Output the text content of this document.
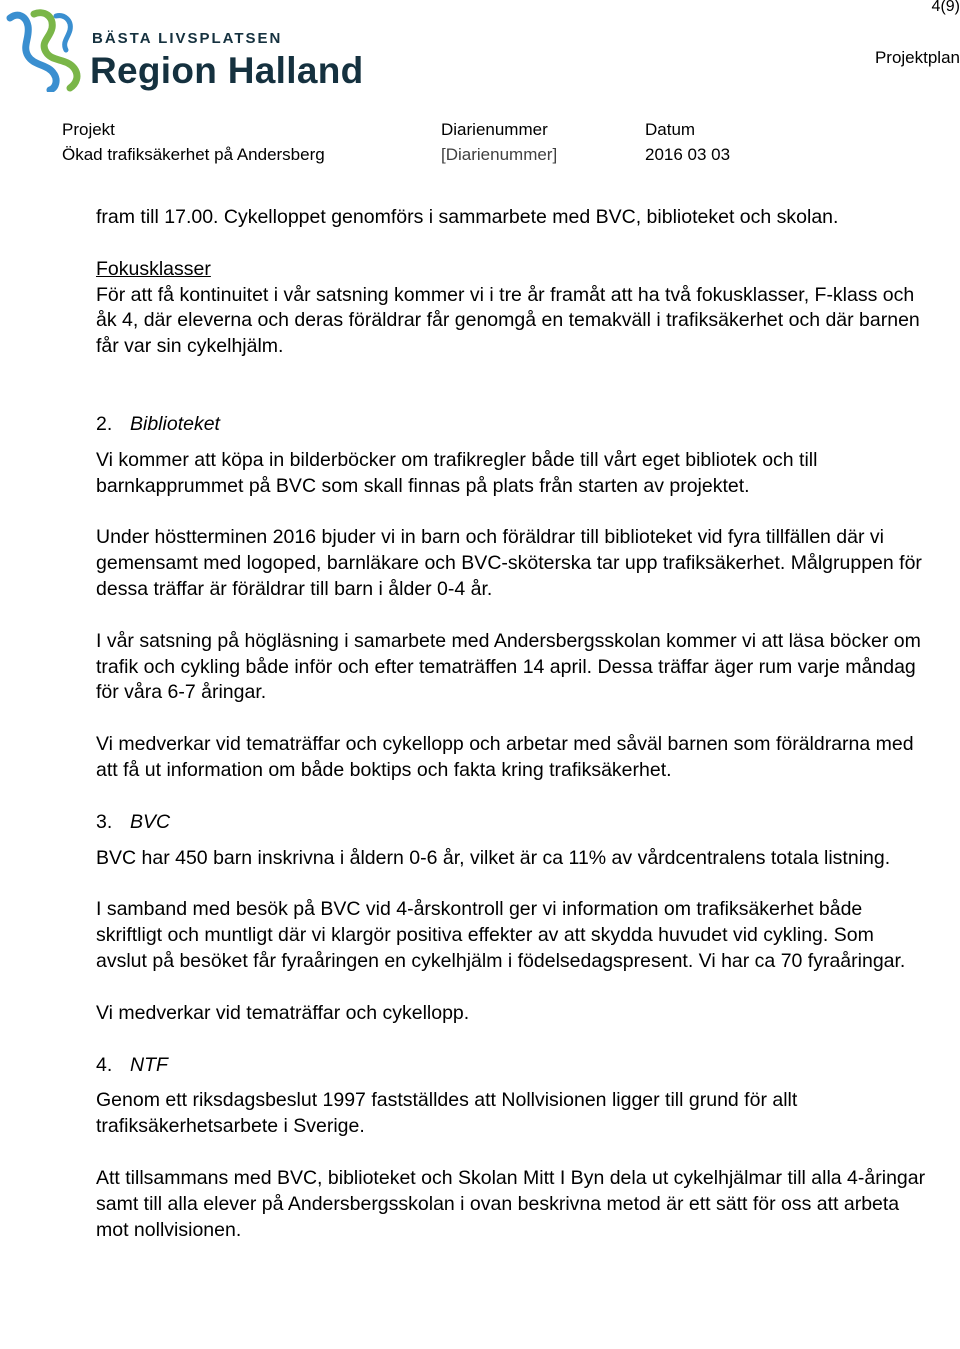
BÄSTA LIVSPLATSEN
Region Halland
4(9)
Projektplan
Projekt
Ökad trafiksäkerhet på Andersberg
Diarienummer
[Diarienummer]
Datum
2016 03 03

fram till 17.00. Cykelloppet genomförs i sammarbete med BVC, biblioteket och skolan.

Fokusklasser

För att få kontinuitet i vår satsning kommer vi i tre år framåt att ha två fokusklasser, F-klass och åk 4, där eleverna och deras föräldrar får genomgå en temakväll i trafiksäkerhet och där barnen får var sin cykelhjälm.

2. Biblioteket

Vi kommer att köpa in bilderböcker om trafikregler både till vårt eget bibliotek och till barnkapprummet på BVC som skall finnas på plats från starten av projektet.

Under höstterminen 2016 bjuder vi in barn och föräldrar till biblioteket vid fyra tillfällen där vi gemensamt med logoped, barnläkare och BVC-sköterska tar upp trafiksäkerhet. Målgruppen för dessa träffar är föräldrar till barn i ålder 0-4 år.

I vår satsning på högläsning i samarbete med Andersbergsskolan kommer vi att läsa böcker om trafik och cykling både inför och efter tematräffen 14 april. Dessa träffar äger rum varje måndag för våra 6-7 åringar.

Vi medverkar vid tematräffar och cykellopp och arbetar med såväl barnen som föräldrarna med att få ut information om både boktips och fakta kring trafiksäkerhet.

3. BVC

BVC har 450 barn inskrivna i åldern 0-6 år, vilket är ca 11% av vårdcentralens totala listning.

I samband med besök på BVC vid 4-årskontroll ger vi information om trafiksäkerhet både skriftligt och muntligt där vi klargör positiva effekter av att skydda huvudet vid cykling. Som avslut på besöket får fyraåringen en cykelhjälm i födelsedagspresent. Vi har ca 70 fyraåringar.

Vi medverkar vid tematräffar och cykellopp.

4. NTF

Genom ett riksdagsbeslut 1997 fastställdes att Nollvisionen ligger till grund för allt trafiksäkerhetsarbete i Sverige.

Att tillsammans med BVC, biblioteket och Skolan Mitt I Byn dela ut cykelhjälmar till alla 4-åringar samt till alla elever på Andersbergsskolan i ovan beskrivna metod är ett sätt för oss att arbeta mot nollvisionen.
